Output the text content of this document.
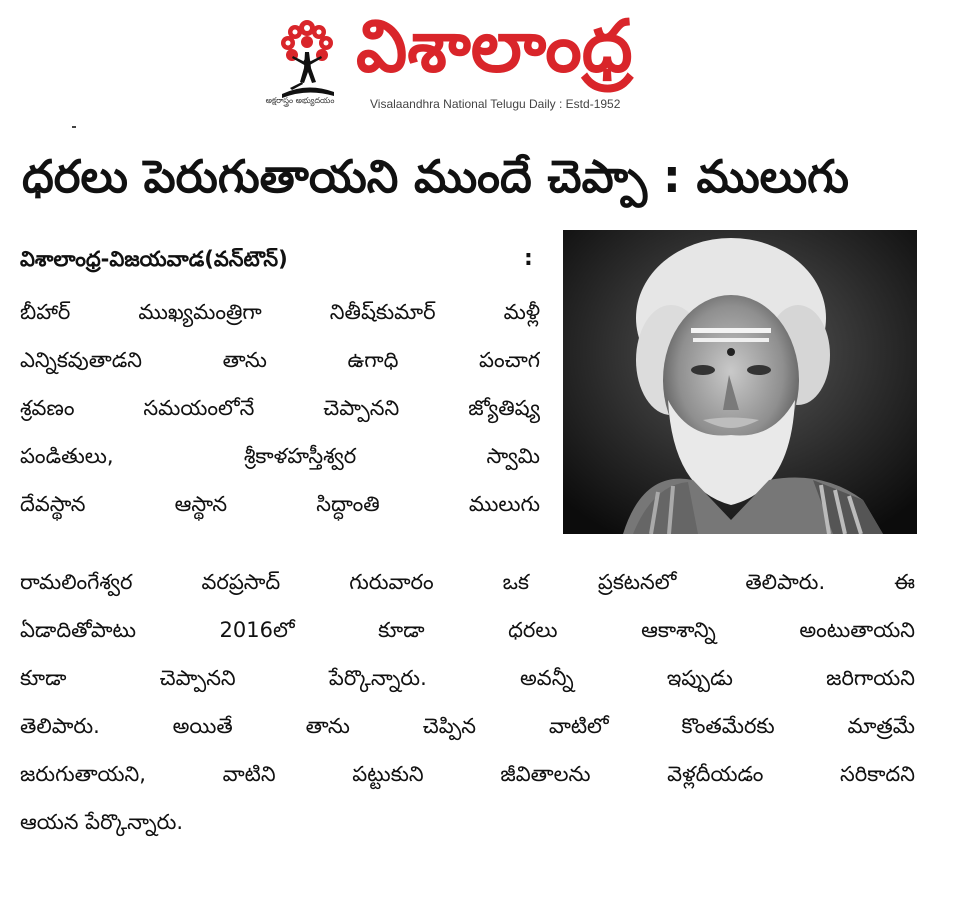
అక్షరాస్త్రం అభ్యుదయం
విశాలాంధ్ర
Visalaandhra National Telugu Daily : Estd-1952
ధరలు పెరుగుతాయని ముందే చెప్పా : ములుగు
విశాలాంధ్ర-విజయవాడ(వన్‌టౌన్‌)	:
బీహార్‌ ముఖ్యమంత్రిగా నితీష్‌కుమార్‌ మళ్లీ
ఎన్నికవుతాడని తాను ఉగాధి పంచాగ
శ్రవణం సమయంలోనే చెప్పానని జ్యోతిష్య
పండితులు, శ్రీకాళహస్తీశ్వర స్వామి
దేవస్థాన ఆస్థాన సిద్ధాంతి ములుగు
రామలింగేశ్వర వరప్రసాద్‌ గురువారం ఒక ప్రకటనలో తెలిపారు. ఈ
ఏడాదితోపాటు 2016లో కూడా ధరలు ఆకాశాన్ని అంటుతాయని
కూడా చెప్పానని పేర్కొన్నారు. అవన్నీ ఇప్పుడు జరిగాయని
తెలిపారు. అయితే తాను చెప్పిన వాటిలో కొంతమేరకు మాత్రమే
జరుగుతాయని, వాటిని పట్టుకుని జీవితాలను వెళ్లదీయడం సరికాదని
ఆయన పేర్కొన్నారు.
